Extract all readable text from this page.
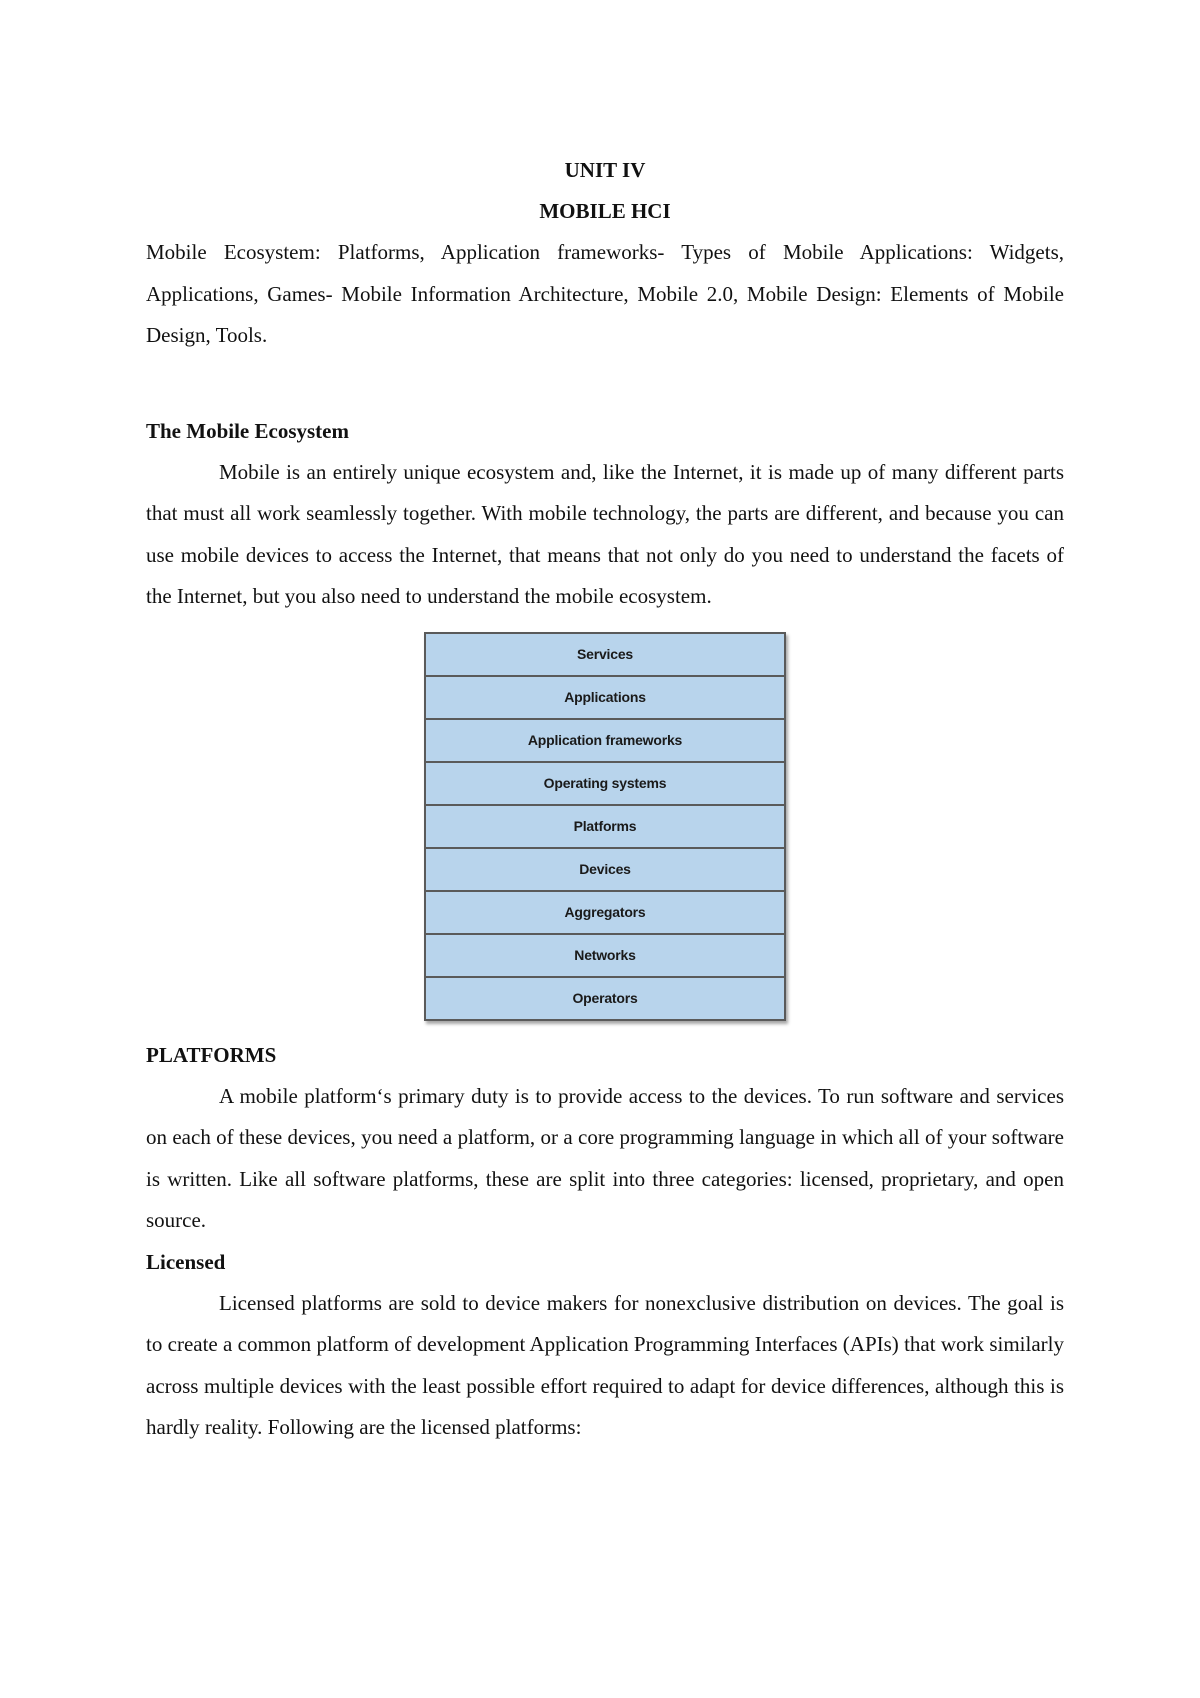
UNIT IV
MOBILE HCI

Mobile Ecosystem: Platforms, Application frameworks- Types of Mobile Applications: Widgets, Applications, Games- Mobile Information Architecture, Mobile 2.0, Mobile Design: Elements of Mobile Design, Tools.

The Mobile Ecosystem

Mobile is an entirely unique ecosystem and, like the Internet, it is made up of many different parts that must all work seamlessly together. With mobile technology, the parts are different, and because you can use mobile devices to access the Internet, that means that not only do you need to understand the facets of the Internet, but you also need to understand the mobile ecosystem.

Services
Applications
Application frameworks
Operating systems
Platforms
Devices
Aggregators
Networks
Operators

PLATFORMS

A mobile platform‘s primary duty is to provide access to the devices. To run software and services on each of these devices, you need a platform, or a core programming language in which all of your software is written. Like all software platforms, these are split into three categories: licensed, proprietary, and open source.

Licensed

Licensed platforms are sold to device makers for nonexclusive distribution on devices. The goal is to create a common platform of development Application Programming Interfaces (APIs) that work similarly across multiple devices with the least possible effort required to adapt for device differences, although this is hardly reality. Following are the licensed platforms:
